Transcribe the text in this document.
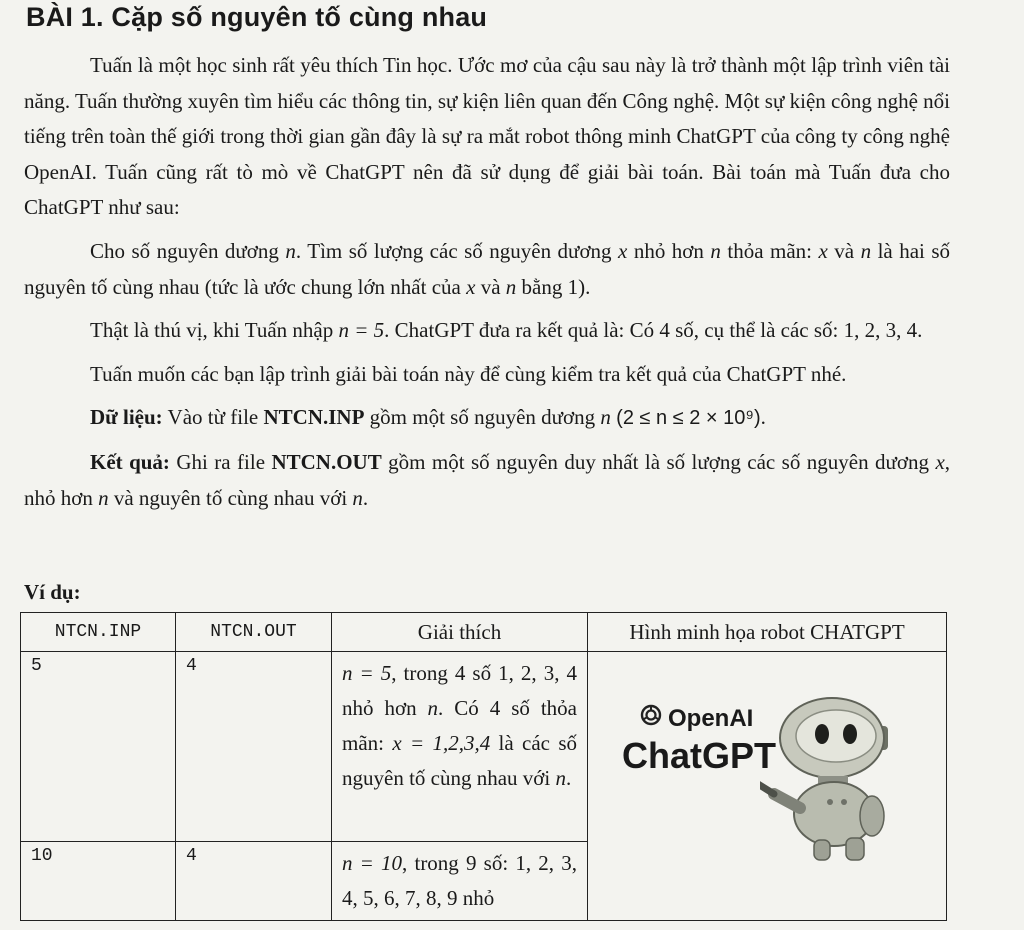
BÀI 1. Cặp số nguyên tố cùng nhau

Tuấn là một học sinh rất yêu thích Tin học. Ước mơ của cậu sau này là trở thành một lập trình viên tài năng. Tuấn thường xuyên tìm hiểu các thông tin, sự kiện liên quan đến Công nghệ. Một sự kiện công nghệ nổi tiếng trên toàn thế giới trong thời gian gần đây là sự ra mắt robot thông minh ChatGPT của công ty công nghệ OpenAI. Tuấn cũng rất tò mò về ChatGPT nên đã sử dụng để giải bài toán. Bài toán mà Tuấn đưa cho ChatGPT như sau:

Cho số nguyên dương n. Tìm số lượng các số nguyên dương x nhỏ hơn n thỏa mãn: x và n là hai số nguyên tố cùng nhau (tức là ước chung lớn nhất của x và n bằng 1).

Thật là thú vị, khi Tuấn nhập n = 5. ChatGPT đưa ra kết quả là: Có 4 số, cụ thể là các số: 1, 2, 3, 4.

Tuấn muốn các bạn lập trình giải bài toán này để cùng kiểm tra kết quả của ChatGPT nhé.

Dữ liệu: Vào từ file NTCN.INP gồm một số nguyên dương n (2 ≤ n ≤ 2 × 10⁹).

Kết quả: Ghi ra file NTCN.OUT gồm một số nguyên duy nhất là số lượng các số nguyên dương x, nhỏ hơn n và nguyên tố cùng nhau với n.

Ví dụ:
NTCN.INP	NTCN.OUT	Giải thích	Hình minh họa robot CHATGPT
5	4	n = 5, trong 4 số 1, 2, 3, 4 nhỏ hơn n. Có 4 số thỏa mãn: x = 1,2,3,4 là các số nguyên tố cùng nhau với n.	OpenAI
ChatGPT

10	4	n = 10, trong 9 số: 1, 2, 3, 4, 5, 6, 7, 8, 9 nhỏ	
